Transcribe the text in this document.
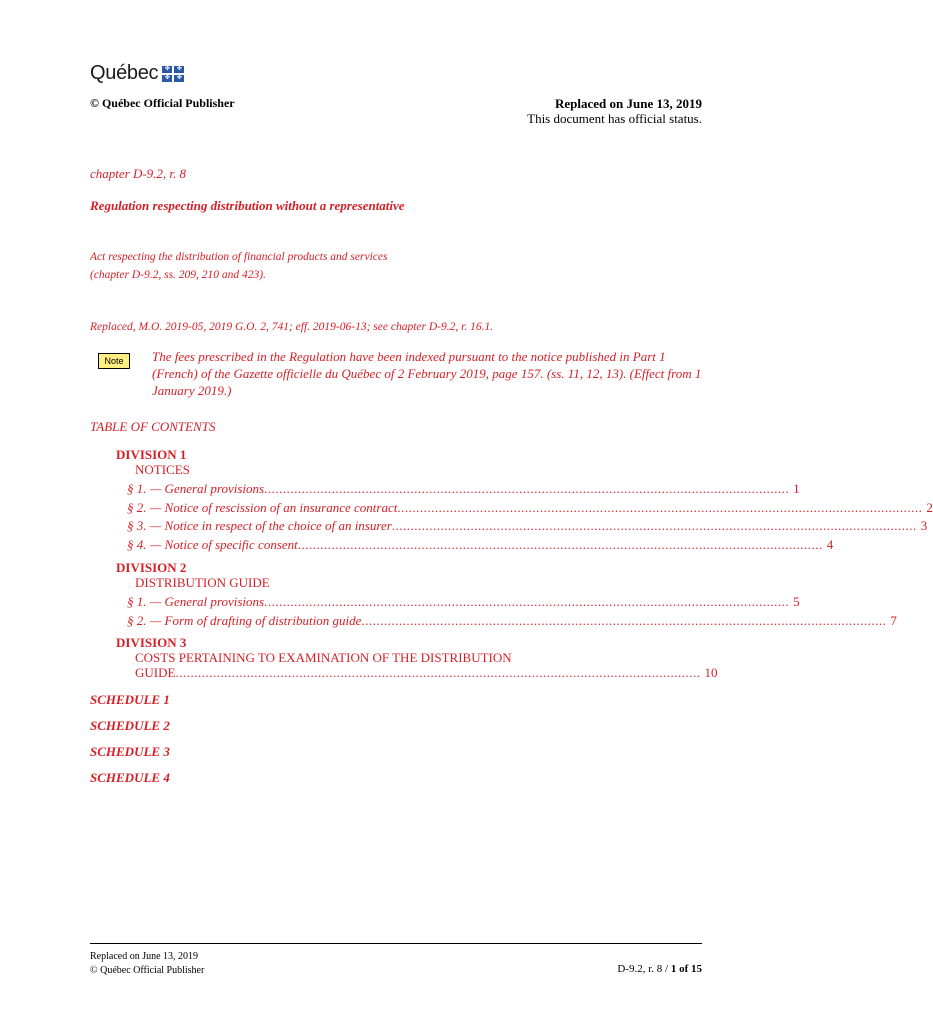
Québec	✤	✤
✤	✤
© Québec Official Publisher	Replaced on June 13, 2019
This document has official status.
chapter D-9.2, r. 8
Regulation respecting distribution without a representative
Act respecting the distribution of financial products and services
(chapter D-9.2, ss. 209, 210 and 423).
Replaced, M.O. 2019-05, 2019 G.O. 2, 741; eff. 2019-06-13; see chapter D-9.2, r. 16.1.
Note	The fees prescribed in the Regulation have been indexed pursuant to the notice published in Part 1 (French) of the Gazette officielle du Québec of 2 February 2019, page 157. (ss. 11, 12, 13). (Effect from 1 January 2019.)
TABLE OF CONTENTS
DIVISION 1
NOTICES
§ 1. — General provisions ............................................................................................................................................ 1
§ 2. — Notice of rescission of an insurance contract ............................................................................................................................................ 2
§ 3. — Notice in respect of the choice of an insurer ............................................................................................................................................ 3
§ 4. — Notice of specific consent ............................................................................................................................................ 4
DIVISION 2
DISTRIBUTION GUIDE
§ 1. — General provisions ............................................................................................................................................ 5
§ 2. — Form of drafting of distribution guide ............................................................................................................................................ 7
DIVISION 3
COSTS PERTAINING TO EXAMINATION OF THE DISTRIBUTION
GUIDE ............................................................................................................................................ 10
SCHEDULE 1
SCHEDULE 2
SCHEDULE 3
SCHEDULE 4
Replaced on June 13, 2019
© Québec Official Publisher	D-9.2, r. 8 / 1 of 15
